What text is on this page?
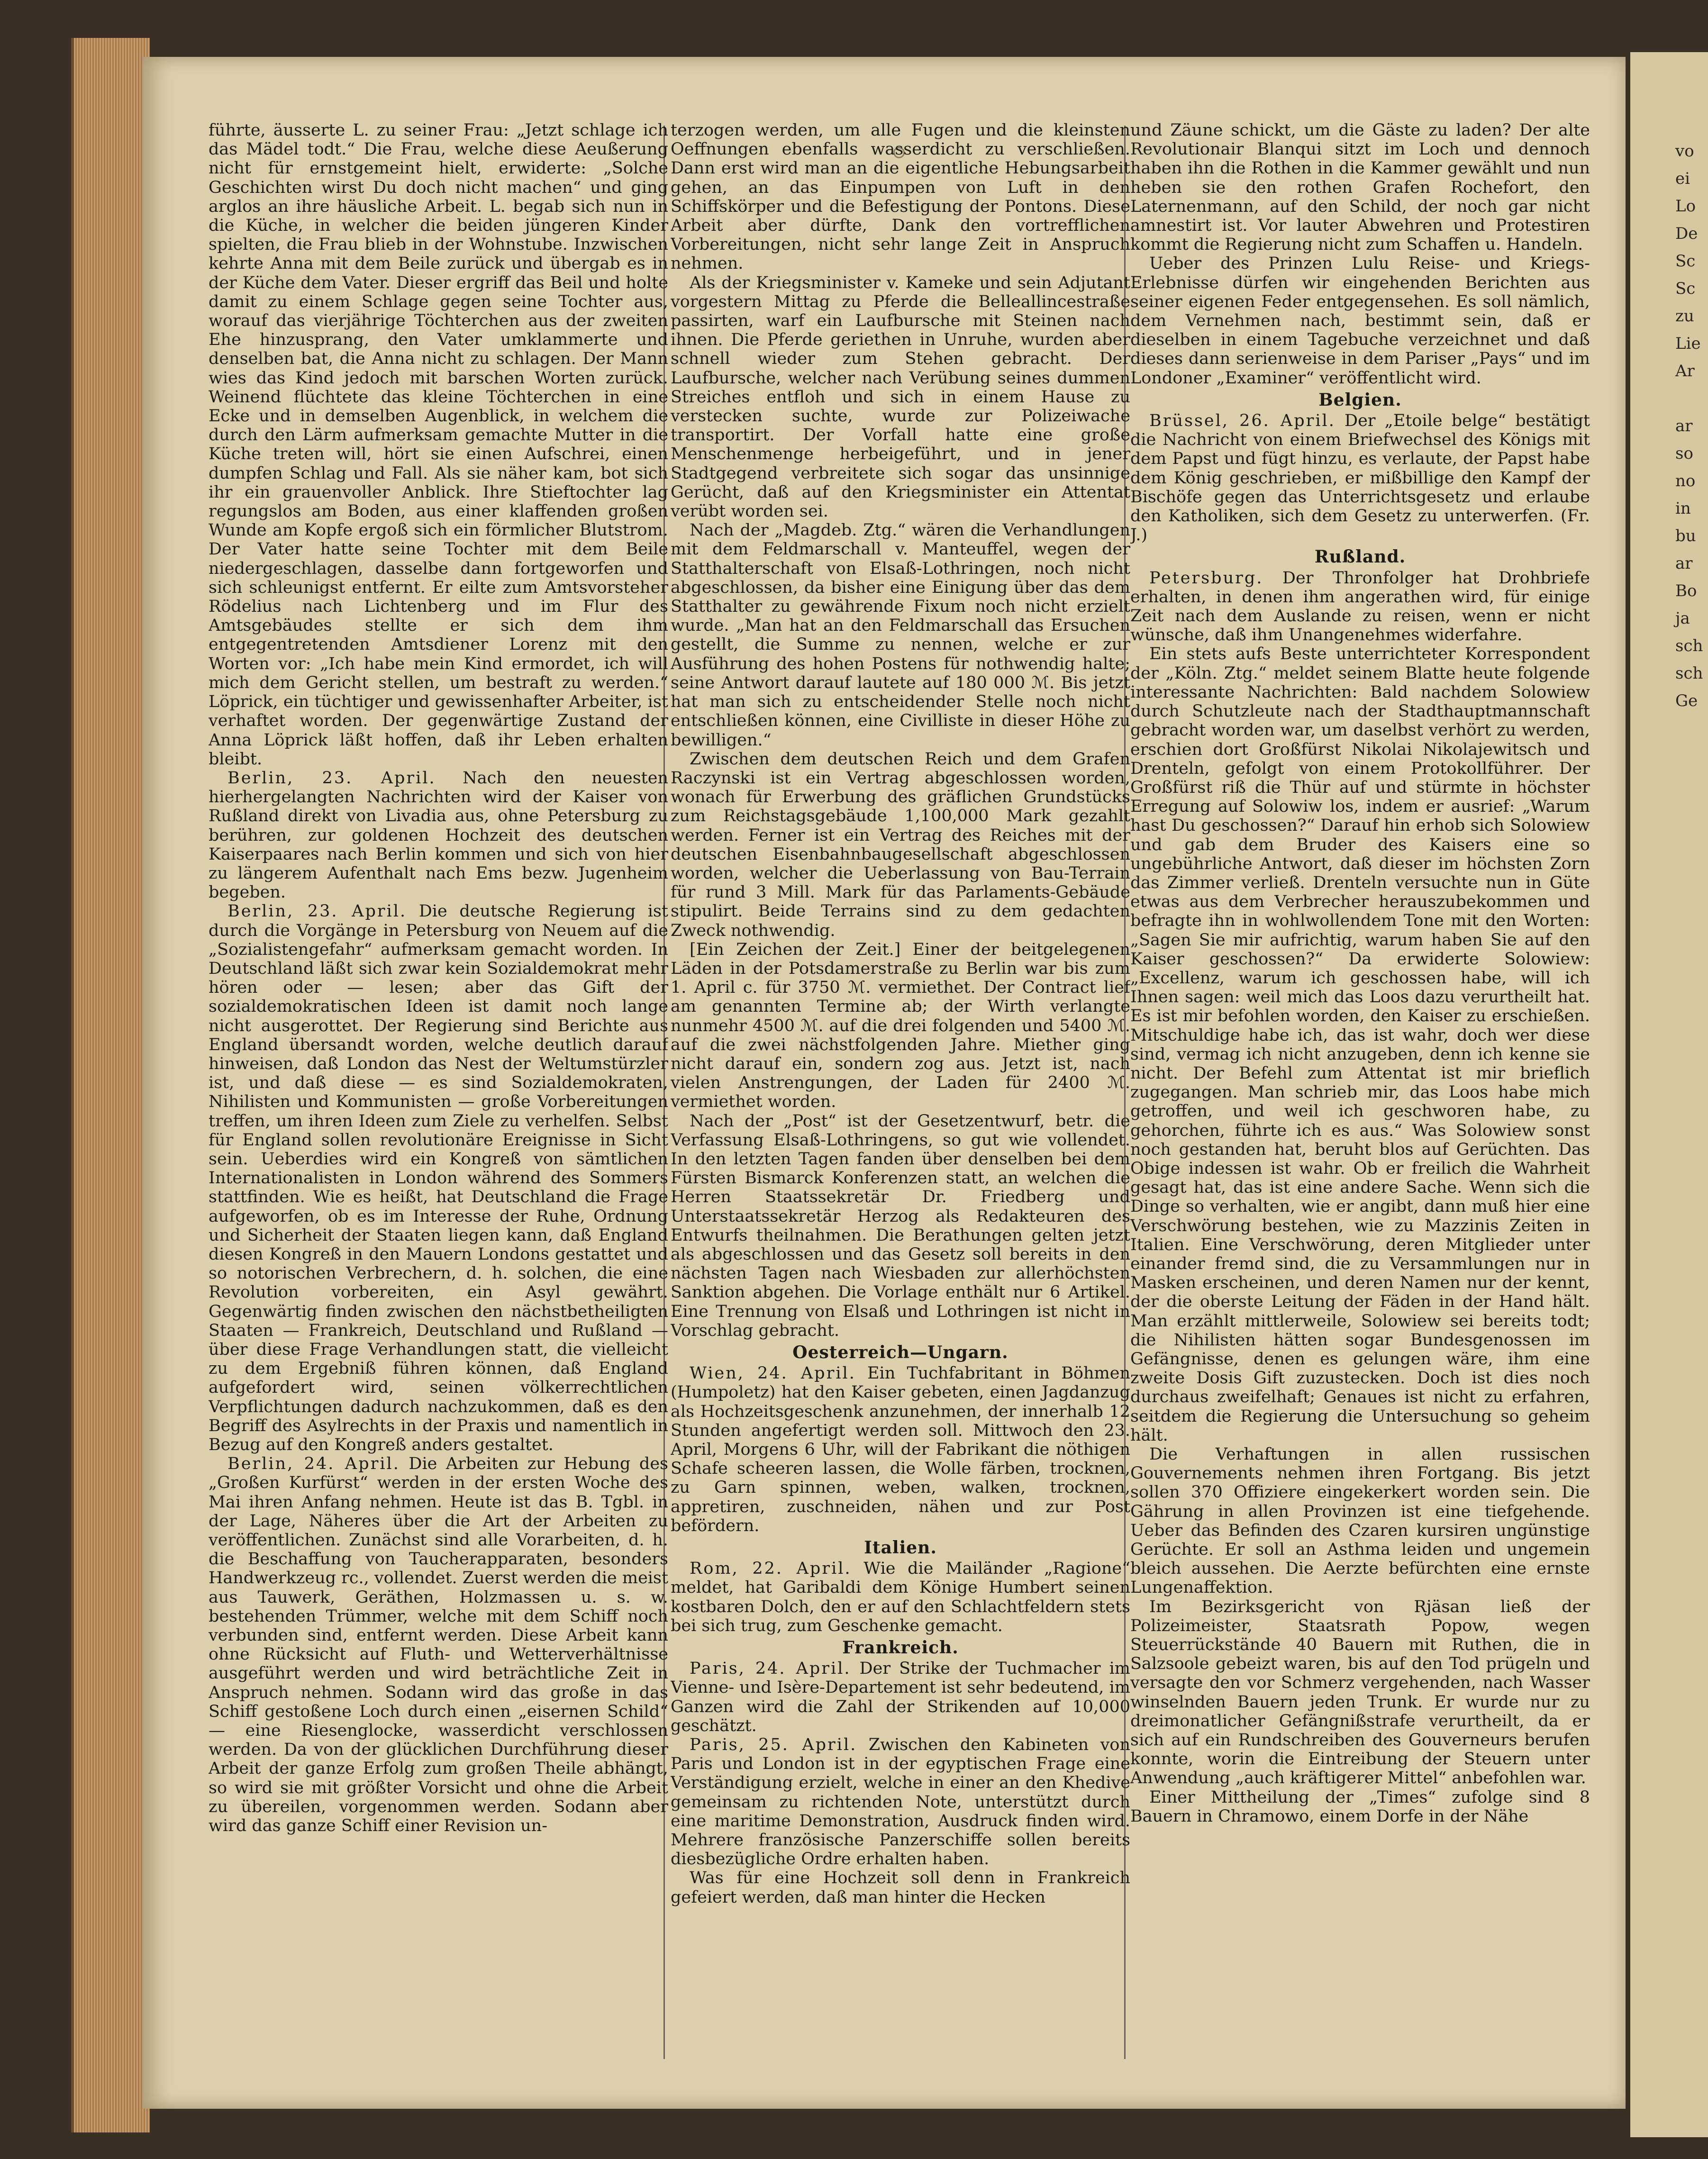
führte, äusserte L. zu seiner Frau: „Jetzt schlage ich das Mädel todt.“ Die Frau, welche diese Aeußerung nicht für ernstgemeint hielt, erwiderte: „Solche Geschichten wirst Du doch nicht machen“ und ging arglos an ihre häusliche Arbeit. L. begab sich nun in die Küche, in welcher die beiden jüngeren Kinder spielten, die Frau blieb in der Wohnstube. Inzwischen kehrte Anna mit dem Beile zurück und übergab es in der Küche dem Vater. Dieser ergriff das Beil und holte damit zu einem Schlage gegen seine Tochter aus, worauf das vierjährige Töchterchen aus der zweiten Ehe hinzusprang, den Vater umklammerte und denselben bat, die Anna nicht zu schlagen. Der Mann wies das Kind jedoch mit barschen Worten zurück. Weinend flüchtete das kleine Töchterchen in eine Ecke und in demselben Augenblick, in welchem die durch den Lärm aufmerksam gemachte Mutter in die Küche treten will, hört sie einen Aufschrei, einen dumpfen Schlag und Fall. Als sie näher kam, bot sich ihr ein grauenvoller Anblick. Ihre Stieftochter lag regungslos am Boden, aus einer klaffenden großen Wunde am Kopfe ergoß sich ein förmlicher Blutstrom. Der Vater hatte seine Tochter mit dem Beile niedergeschlagen, dasselbe dann fortgeworfen und sich schleunigst entfernt. Er eilte zum Amtsvorsteher Rödelius nach Lichtenberg und im Flur des Amtsgebäudes stellte er sich dem ihm entgegentretenden Amtsdiener Lorenz mit den Worten vor: „Ich habe mein Kind ermordet, ich will mich dem Gericht stellen, um bestraft zu werden.“ Löprick, ein tüchtiger und gewissenhafter Arbeiter, ist verhaftet worden. Der gegenwärtige Zustand der Anna Löprick läßt hoffen, daß ihr Leben erhalten bleibt.

Berlin, 23. April. Nach den neuesten hierhergelangten Nachrichten wird der Kaiser von Rußland direkt von Livadia aus, ohne Petersburg zu berühren, zur goldenen Hochzeit des deutschen Kaiserpaares nach Berlin kommen und sich von hier zu längerem Aufenthalt nach Ems bezw. Jugenheim begeben.

Berlin, 23. April. Die deutsche Regierung ist durch die Vorgänge in Petersburg von Neuem auf die „Sozialistengefahr“ aufmerksam gemacht worden. In Deutschland läßt sich zwar kein Sozialdemokrat mehr hören oder — lesen; aber das Gift der sozialdemokratischen Ideen ist damit noch lange nicht ausgerottet. Der Regierung sind Berichte aus England übersandt worden, welche deutlich darauf hinweisen, daß London das Nest der Weltumstürzler ist, und daß diese — es sind Sozialdemokraten, Nihilisten und Kommunisten — große Vorbereitungen treffen, um ihren Ideen zum Ziele zu verhelfen. Selbst für England sollen revolutionäre Ereignisse in Sicht sein. Ueberdies wird ein Kongreß von sämtlichen Internationalisten in London während des Sommers stattfinden. Wie es heißt, hat Deutschland die Frage aufgeworfen, ob es im Interesse der Ruhe, Ordnung und Sicherheit der Staaten liegen kann, daß England diesen Kongreß in den Mauern Londons gestattet und so notorischen Verbrechern, d. h. solchen, die eine Revolution vorbereiten, ein Asyl gewährt. Gegenwärtig finden zwischen den nächstbetheiligten Staaten — Frankreich, Deutschland und Rußland — über diese Frage Verhandlungen statt, die vielleicht zu dem Ergebniß führen können, daß England aufgefordert wird, seinen völkerrechtlichen Verpflichtungen dadurch nachzukommen, daß es den Begriff des Asylrechts in der Praxis und namentlich in Bezug auf den Kongreß anders gestaltet.

Berlin, 24. April. Die Arbeiten zur Hebung des „Großen Kurfürst“ werden in der ersten Woche des Mai ihren Anfang nehmen. Heute ist das B. Tgbl. in der Lage, Näheres über die Art der Arbeiten zu veröffentlichen. Zunächst sind alle Vorarbeiten, d. h. die Beschaffung von Taucherapparaten, besonders Handwerkzeug rc., vollendet. Zuerst werden die meist aus Tauwerk, Geräthen, Holzmassen u. s. w. bestehenden Trümmer, welche mit dem Schiff noch verbunden sind, entfernt werden. Diese Arbeit kann ohne Rücksicht auf Fluth- und Wetterverhältnisse ausgeführt werden und wird beträchtliche Zeit in Anspruch nehmen. Sodann wird das große in das Schiff gestoßene Loch durch einen „eisernen Schild“ — eine Riesenglocke, wasserdicht verschlossen werden. Da von der glücklichen Durchführung dieser Arbeit der ganze Erfolg zum großen Theile abhängt, so wird sie mit größter Vorsicht und ohne die Arbeit zu übereilen, vorgenommen werden. Sodann aber wird das ganze Schiff einer Revision un-

terzogen werden, um alle Fugen und die kleinsten Oeffnungen ebenfalls wasserdicht zu verschließen. Dann erst wird man an die eigentliche Hebungsarbeit gehen, an das Einpumpen von Luft in den Schiffskörper und die Befestigung der Pontons. Diese Arbeit aber dürfte, Dank den vortrefflichen Vorbereitungen, nicht sehr lange Zeit in Anspruch nehmen.

Als der Kriegsminister v. Kameke und sein Adjutant vorgestern Mittag zu Pferde die Belleallincestraße passirten, warf ein Laufbursche mit Steinen nach ihnen. Die Pferde geriethen in Unruhe, wurden aber schnell wieder zum Stehen gebracht. Der Laufbursche, welcher nach Verübung seines dummen Streiches entfloh und sich in einem Hause zu verstecken suchte, wurde zur Polizeiwache transportirt. Der Vorfall hatte eine große Menschenmenge herbeigeführt, und in jener Stadtgegend verbreitete sich sogar das unsinnige Gerücht, daß auf den Kriegsminister ein Attentat verübt worden sei.

Nach der „Magdeb. Ztg.“ wären die Verhandlungen mit dem Feldmarschall v. Manteuffel, wegen der Statthalterschaft von Elsaß-Lothringen, noch nicht abgeschlossen, da bisher eine Einigung über das dem Statthalter zu gewährende Fixum noch nicht erzielt wurde. „Man hat an den Feldmarschall das Ersuchen gestellt, die Summe zu nennen, welche er zur Ausführung des hohen Postens für nothwendig halte; seine Antwort darauf lautete auf 180 000 ℳ. Bis jetzt hat man sich zu entscheidender Stelle noch nicht entschließen können, eine Civilliste in dieser Höhe zu bewilligen.“

Zwischen dem deutschen Reich und dem Grafen Raczynski ist ein Vertrag abgeschlossen worden, wonach für Erwerbung des gräflichen Grundstücks zum Reichstagsgebäude 1,100,000 Mark gezahlt werden. Ferner ist ein Vertrag des Reiches mit der deutschen Eisenbahnbaugesellschaft abgeschlossen worden, welcher die Ueberlassung von Bau-Terrain für rund 3 Mill. Mark für das Parlaments-Gebäude stipulirt. Beide Terrains sind zu dem gedachten Zweck nothwendig.

[Ein Zeichen der Zeit.] Einer der beitgelegenen Läden in der Potsdamerstraße zu Berlin war bis zum 1. April c. für 3750 ℳ. vermiethet. Der Contract lief am genannten Termine ab; der Wirth verlangte nunmehr 4500 ℳ. auf die drei folgenden und 5400 ℳ. auf die zwei nächstfolgenden Jahre. Miether ging nicht darauf ein, sondern zog aus. Jetzt ist, nach vielen Anstrengungen, der Laden für 2400 ℳ. vermiethet worden.

Nach der „Post“ ist der Gesetzentwurf, betr. die Verfassung Elsaß-Lothringens, so gut wie vollendet. In den letzten Tagen fanden über denselben bei dem Fürsten Bismarck Konferenzen statt, an welchen die Herren Staatssekretär Dr. Friedberg und Unterstaatssekretär Herzog als Redakteuren des Entwurfs theilnahmen. Die Berathungen gelten jetzt als abgeschlossen und das Gesetz soll bereits in den nächsten Tagen nach Wiesbaden zur allerhöchsten Sanktion abgehen. Die Vorlage enthält nur 6 Artikel. Eine Trennung von Elsaß und Lothringen ist nicht in Vorschlag gebracht.

Oesterreich—Ungarn.

Wien, 24. April. Ein Tuchfabritant in Böhmen (Humpoletz) hat den Kaiser gebeten, einen Jagdanzug als Hochzeitsgeschenk anzunehmen, der innerhalb 12 Stunden angefertigt werden soll. Mittwoch den 23. April, Morgens 6 Uhr, will der Fabrikant die nöthigen Schafe scheeren lassen, die Wolle färben, trocknen, zu Garn spinnen, weben, walken, trocknen, appretiren, zuschneiden, nähen und zur Post befördern.

Italien.

Rom, 22. April. Wie die Mailänder „Ragione“ meldet, hat Garibaldi dem Könige Humbert seinen kostbaren Dolch, den er auf den Schlachtfeldern stets bei sich trug, zum Geschenke gemacht.

Frankreich.

Paris, 24. April. Der Strike der Tuchmacher im Vienne- und Isère-Departement ist sehr bedeutend, im Ganzen wird die Zahl der Strikenden auf 10,000 geschätzt.

Paris, 25. April. Zwischen den Kabineten von Paris und London ist in der egyptischen Frage eine Verständigung erzielt, welche in einer an den Khedive gemeinsam zu richtenden Note, unterstützt durch eine maritime Demonstration, Ausdruck finden wird. Mehrere französische Panzerschiffe sollen bereits diesbezügliche Ordre erhalten haben.

Was für eine Hochzeit soll denn in Frankreich gefeiert werden, daß man hinter die Hecken

und Zäune schickt, um die Gäste zu laden? Der alte Revolutionair Blanqui sitzt im Loch und dennoch haben ihn die Rothen in die Kammer gewählt und nun heben sie den rothen Grafen Rochefort, den Laternenmann, auf den Schild, der noch gar nicht amnestirt ist. Vor lauter Abwehren und Protestiren kommt die Regierung nicht zum Schaffen u. Handeln.

Ueber des Prinzen Lulu Reise- und Kriegs-Erlebnisse dürfen wir eingehenden Berichten aus seiner eigenen Feder entgegensehen. Es soll nämlich, dem Vernehmen nach, bestimmt sein, daß er dieselben in einem Tagebuche verzeichnet und daß dieses dann serienweise in dem Pariser „Pays“ und im Londoner „Examiner“ veröffentlicht wird.

Belgien.

Brüssel, 26. April. Der „Etoile belge“ bestätigt die Nachricht von einem Briefwechsel des Königs mit dem Papst und fügt hinzu, es verlaute, der Papst habe dem König geschrieben, er mißbillige den Kampf der Bischöfe gegen das Unterrichtsgesetz und erlaube den Katholiken, sich dem Gesetz zu unterwerfen. (Fr. J.)

Rußland.

Petersburg. Der Thronfolger hat Drohbriefe erhalten, in denen ihm angerathen wird, für einige Zeit nach dem Auslande zu reisen, wenn er nicht wünsche, daß ihm Unangenehmes widerfahre.

Ein stets aufs Beste unterrichteter Korrespondent der „Köln. Ztg.“ meldet seinem Blatte heute folgende interessante Nachrichten: Bald nachdem Solowiew durch Schutzleute nach der Stadthauptmannschaft gebracht worden war, um daselbst verhört zu werden, erschien dort Großfürst Nikolai Nikolajewitsch und Drenteln, gefolgt von einem Protokollführer. Der Großfürst riß die Thür auf und stürmte in höchster Erregung auf Solowiw los, indem er ausrief: „Warum hast Du geschossen?“ Darauf hin erhob sich Solowiew und gab dem Bruder des Kaisers eine so ungebührliche Antwort, daß dieser im höchsten Zorn das Zimmer verließ. Drenteln versuchte nun in Güte etwas aus dem Verbrecher herauszubekommen und befragte ihn in wohlwollendem Tone mit den Worten: „Sagen Sie mir aufrichtig, warum haben Sie auf den Kaiser geschossen?“ Da erwiderte Solowiew: „Excellenz, warum ich geschossen habe, will ich Ihnen sagen: weil mich das Loos dazu verurtheilt hat. Es ist mir befohlen worden, den Kaiser zu erschießen. Mitschuldige habe ich, das ist wahr, doch wer diese sind, vermag ich nicht anzugeben, denn ich kenne sie nicht. Der Befehl zum Attentat ist mir brieflich zugegangen. Man schrieb mir, das Loos habe mich getroffen, und weil ich geschworen habe, zu gehorchen, führte ich es aus.“ Was Solowiew sonst noch gestanden hat, beruht blos auf Gerüchten. Das Obige indessen ist wahr. Ob er freilich die Wahrheit gesagt hat, das ist eine andere Sache. Wenn sich die Dinge so verhalten, wie er angibt, dann muß hier eine Verschwörung bestehen, wie zu Mazzinis Zeiten in Italien. Eine Verschwörung, deren Mitglieder unter einander fremd sind, die zu Versammlungen nur in Masken erscheinen, und deren Namen nur der kennt, der die oberste Leitung der Fäden in der Hand hält. Man erzählt mittlerweile, Solowiew sei bereits todt; die Nihilisten hätten sogar Bundesgenossen im Gefängnisse, denen es gelungen wäre, ihm eine zweite Dosis Gift zuzustecken. Doch ist dies noch durchaus zweifelhaft; Genaues ist nicht zu erfahren, seitdem die Regierung die Untersuchung so geheim hält.

Die Verhaftungen in allen russischen Gouvernements nehmen ihren Fortgang. Bis jetzt sollen 370 Offiziere eingekerkert worden sein. Die Gährung in allen Provinzen ist eine tiefgehende. Ueber das Befinden des Czaren kursiren ungünstige Gerüchte. Er soll an Asthma leiden und ungemein bleich aussehen. Die Aerzte befürchten eine ernste Lungenaffektion.

Im Bezirksgericht von Rjäsan ließ der Polizeimeister, Staatsrath Popow, wegen Steuerrückstände 40 Bauern mit Ruthen, die in Salzsoole gebeizt waren, bis auf den Tod prügeln und versagte den vor Schmerz vergehenden, nach Wasser winselnden Bauern jeden Trunk. Er wurde nur zu dreimonatlicher Gefängnißstrafe verurtheilt, da er sich auf ein Rundschreiben des Gouverneurs berufen konnte, worin die Eintreibung der Steuern unter Anwendung „auch kräftigerer Mittel“ anbefohlen war.

Einer Mittheilung der „Times“ zufolge sind 8 Bauern in Chramowo, einem Dorfe in der Nähe

vo
ei
Lo
De
Sc
Sc
zu
Lie
Ar

ar
so
no
in
bu
ar
Bo
ja
sch
sch
Ge
